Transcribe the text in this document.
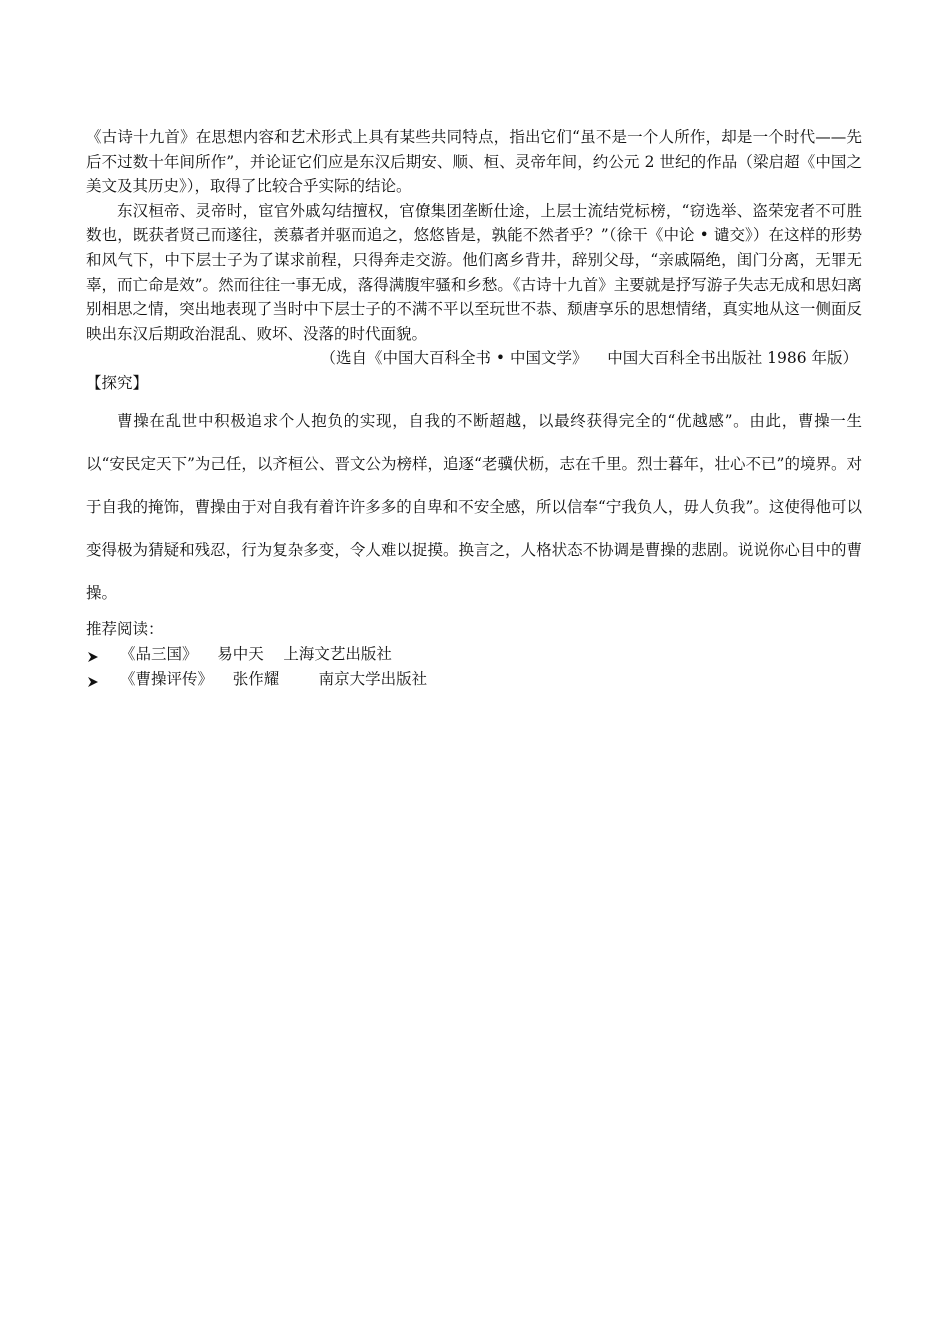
《古诗十九首》在思想内容和艺术形式上具有某些共同特点，指出它们“虽不是一个人所作，却是一个时代——先后不过数十年间所作”，并论证它们应是东汉后期安、顺、桓、灵帝年间，约公元 2 世纪的作品（梁启超《中国之美文及其历史》），取得了比较合乎实际的结论。

东汉桓帝、灵帝时，宦官外戚勾结擅权，官僚集团垄断仕途，上层士流结党标榜，“窃选举、盗荣宠者不可胜数也，既获者贤己而遂往，羡慕者并驱而追之，悠悠皆是，孰能不然者乎？”（徐干《中论 • 谴交》）在这样的形势和风气下，中下层士子为了谋求前程，只得奔走交游。他们离乡背井，辞别父母，“亲戚隔绝，闺门分离，无罪无辜，而亡命是效”。然而往往一事无成，落得满腹牢骚和乡愁。《古诗十九首》主要就是抒写游子失志无成和思妇离别相思之情，突出地表现了当时中下层士子的不满不平以至玩世不恭、颓唐享乐的思想情绪，真实地从这一侧面反映出东汉后期政治混乱、败坏、没落的时代面貌。

（选自《中国大百科全书 • 中国文学》    中国大百科全书出版社 1986 年版）

【探究】

曹操在乱世中积极追求个人抱负的实现，自我的不断超越，以最终获得完全的“优越感”。由此，曹操一生以“安民定天下”为己任，以齐桓公、晋文公为榜样，追逐“老骥伏枥，志在千里。烈士暮年，壮心不已”的境界。对于自我的掩饰，曹操由于对自我有着许许多多的自卑和不安全感，所以信奉“宁我负人，毋人负我”。这使得他可以变得极为猜疑和残忍，行为复杂多变，令人难以捉摸。换言之，人格状态不协调是曹操的悲剧。说说你心目中的曹操。

推荐阅读：

《品三国》    易中天    上海文艺出版社
《曹操评传》    张作耀        南京大学出版社
